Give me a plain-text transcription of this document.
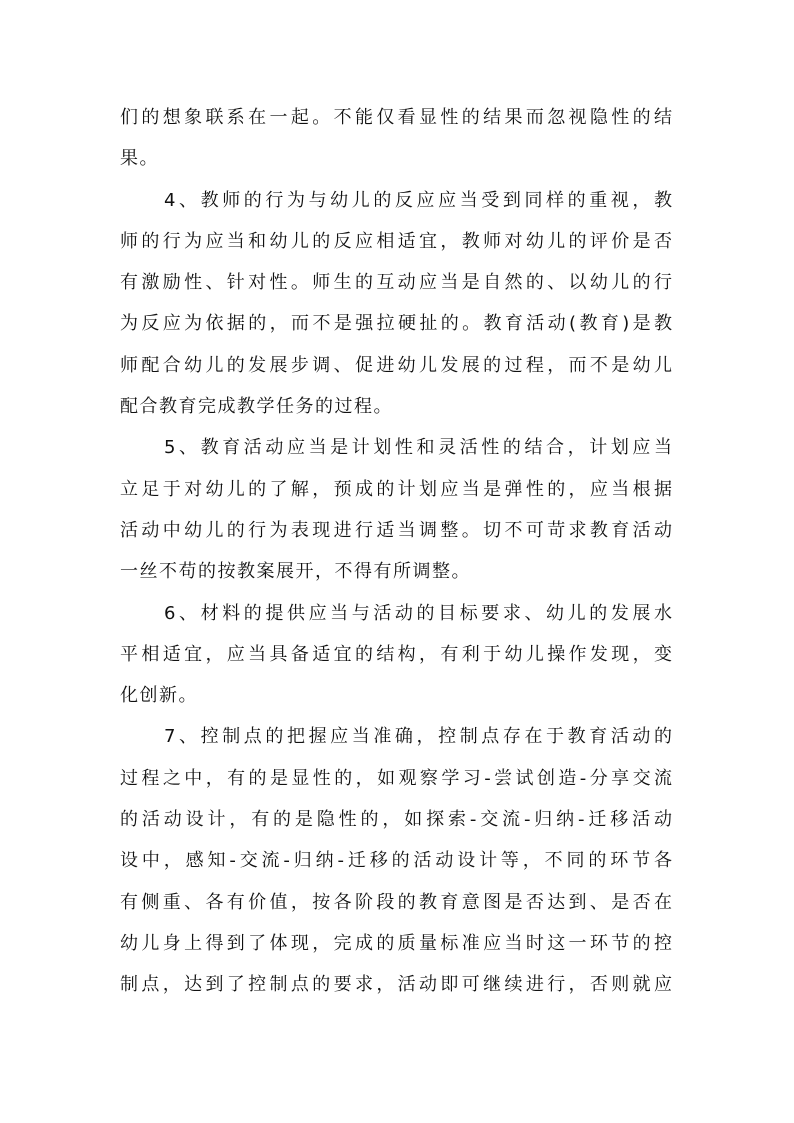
们的想象联系在一起。不能仅看显性的结果而忽视隐性的结
果。
4、教师的行为与幼儿的反应应当受到同样的重视，教
师的行为应当和幼儿的反应相适宜，教师对幼儿的评价是否
有激励性、针对性。师生的互动应当是自然的、以幼儿的行
为反应为依据的，而不是强拉硬扯的。教育活动(教育)是教
师配合幼儿的发展步调、促进幼儿发展的过程，而不是幼儿
配合教育完成教学任务的过程。
5、教育活动应当是计划性和灵活性的结合，计划应当
立足于对幼儿的了解，预成的计划应当是弹性的，应当根据
活动中幼儿的行为表现进行适当调整。切不可苛求教育活动
一丝不苟的按教案展开，不得有所调整。
6、材料的提供应当与活动的目标要求、幼儿的发展水
平相适宜，应当具备适宜的结构，有利于幼儿操作发现，变
化创新。
7、控制点的把握应当准确，控制点存在于教育活动的
过程之中，有的是显性的，如观察学习-尝试创造-分享交流
的活动设计，有的是隐性的，如探索-交流-归纳-迁移活动
设中，感知-交流-归纳-迁移的活动设计等，不同的环节各
有侧重、各有价值，按各阶段的教育意图是否达到、是否在
幼儿身上得到了体现，完成的质量标准应当时这一环节的控
制点，达到了控制点的要求，活动即可继续进行，否则就应
